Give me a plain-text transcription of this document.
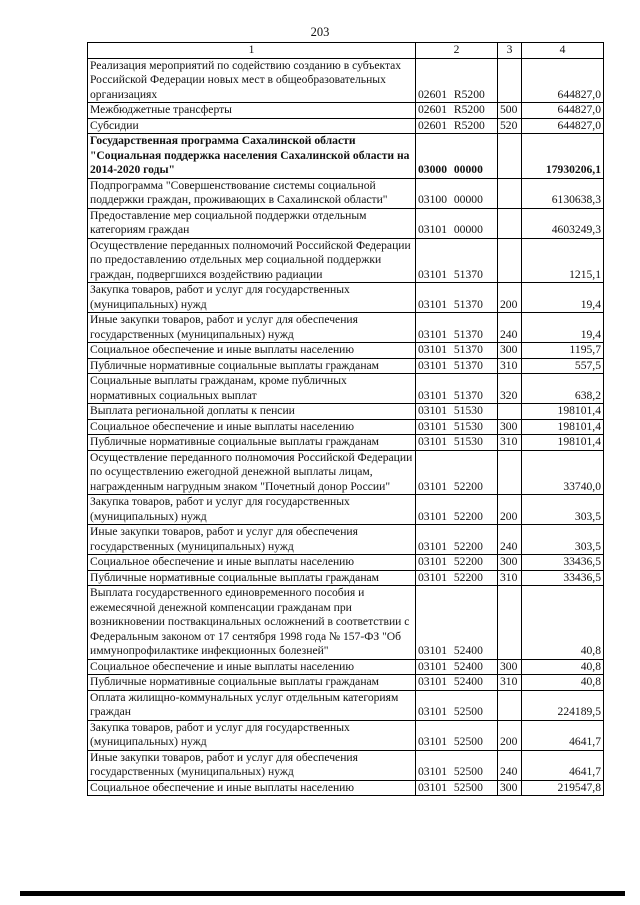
203
1	2	3	4
Реализация мероприятий по содействию созданию в субъектах Российской Федерации новых мест в общеобразовательных организациях	02601 R5200		644827,0
Межбюджетные трансферты	02601 R5200	500	644827,0
Субсидии	02601 R5200	520	644827,0
Государственная программа Сахалинской области "Социальная поддержка населения Сахалинской области на 2014-2020 годы"	03000 00000		17930206,1
Подпрограмма "Совершенствование системы социальной поддержки граждан, проживающих в Сахалинской области"	03100 00000		6130638,3
Предоставление мер социальной поддержки отдельным категориям граждан	03101 00000		4603249,3
Осуществление переданных полномочий Российской Федерации по предоставлению отдельных мер социальной поддержки граждан, подвергшихся воздействию радиации	03101 51370		1215,1
Закупка товаров, работ и услуг для государственных (муниципальных) нужд	03101 51370	200	19,4
Иные закупки товаров, работ и услуг для обеспечения государственных (муниципальных) нужд	03101 51370	240	19,4
Социальное обеспечение и иные выплаты населению	03101 51370	300	1195,7
Публичные нормативные социальные выплаты гражданам	03101 51370	310	557,5
Социальные выплаты гражданам, кроме публичных нормативных социальных выплат	03101 51370	320	638,2
Выплата региональной доплаты к пенсии	03101 51530		198101,4
Социальное обеспечение и иные выплаты населению	03101 51530	300	198101,4
Публичные нормативные социальные выплаты гражданам	03101 51530	310	198101,4
Осуществление переданного полномочия Российской Федерации по осуществлению ежегодной денежной выплаты лицам, награжденным нагрудным знаком "Почетный донор России"	03101 52200		33740,0
Закупка товаров, работ и услуг для государственных (муниципальных) нужд	03101 52200	200	303,5
Иные закупки товаров, работ и услуг для обеспечения государственных (муниципальных) нужд	03101 52200	240	303,5
Социальное обеспечение и иные выплаты населению	03101 52200	300	33436,5
Публичные нормативные социальные выплаты гражданам	03101 52200	310	33436,5
Выплата государственного единовременного пособия и ежемесячной денежной компенсации гражданам при возникновении поствакцинальных осложнений в соответствии с Федеральным законом от 17 сентября 1998 года № 157-ФЗ "Об иммунопрофилактике инфекционных болезней"	03101 52400		40,8
Социальное обеспечение и иные выплаты населению	03101 52400	300	40,8
Публичные нормативные социальные выплаты гражданам	03101 52400	310	40,8
Оплата жилищно-коммунальных услуг отдельным категориям граждан	03101 52500		224189,5
Закупка товаров, работ и услуг для государственных (муниципальных) нужд	03101 52500	200	4641,7
Иные закупки товаров, работ и услуг для обеспечения государственных (муниципальных) нужд	03101 52500	240	4641,7
Социальное обеспечение и иные выплаты населению	03101 52500	300	219547,8
